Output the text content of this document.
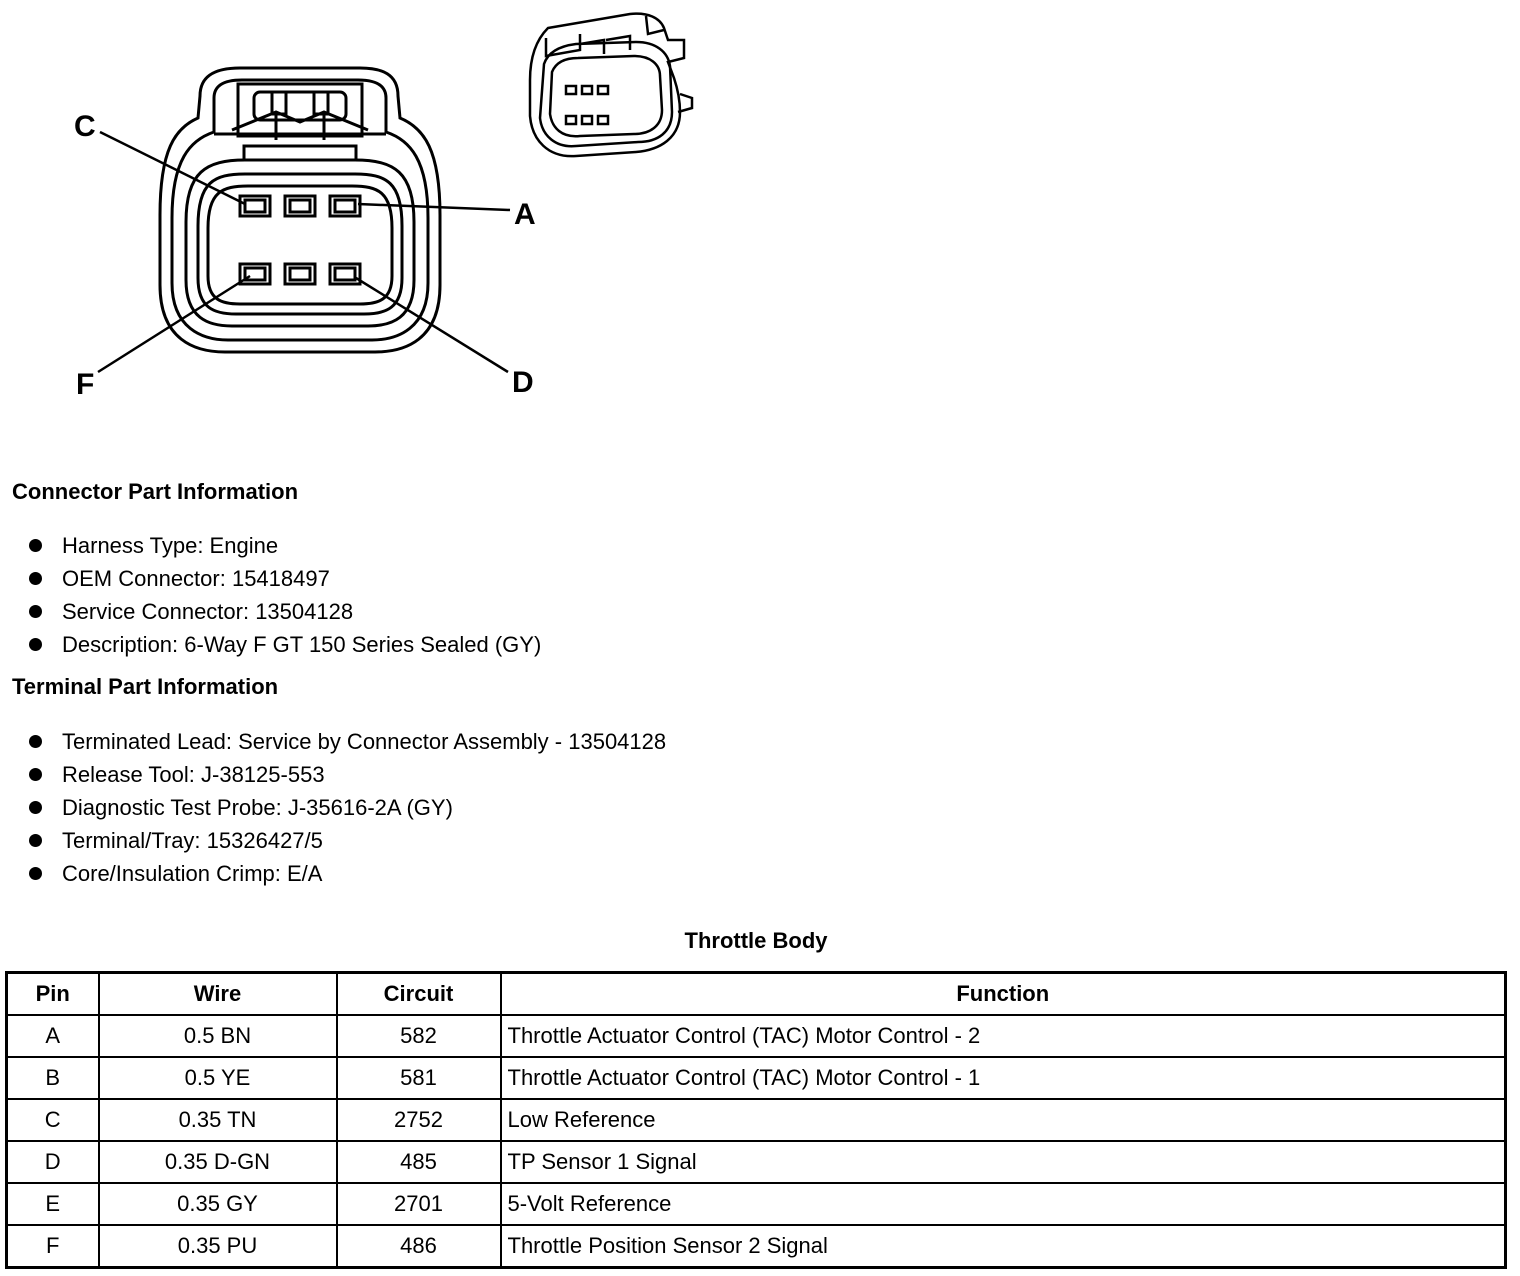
C
A
F	D
Connector Part Information
Harness Type: Engine
OEM Connector: 15418497
Service Connector: 13504128
Description: 6-Way F GT 150 Series Sealed (GY)
Terminal Part Information
Terminated Lead: Service by Connector Assembly - 13504128
Release Tool: J-38125-553
Diagnostic Test Probe: J-35616-2A (GY)
Terminal/Tray: 15326427/5
Core/Insulation Crimp: E/A
Throttle Body
Pin	Wire	Circuit	Function
A	0.5 BN	582	Throttle Actuator Control (TAC) Motor Control - 2
B	0.5 YE	581	Throttle Actuator Control (TAC) Motor Control - 1
C	0.35 TN	2752	Low Reference
D	0.35 D-GN	485	TP Sensor 1 Signal
E	0.35 GY	2701	5-Volt Reference
F	0.35 PU	486	Throttle Position Sensor 2 Signal
